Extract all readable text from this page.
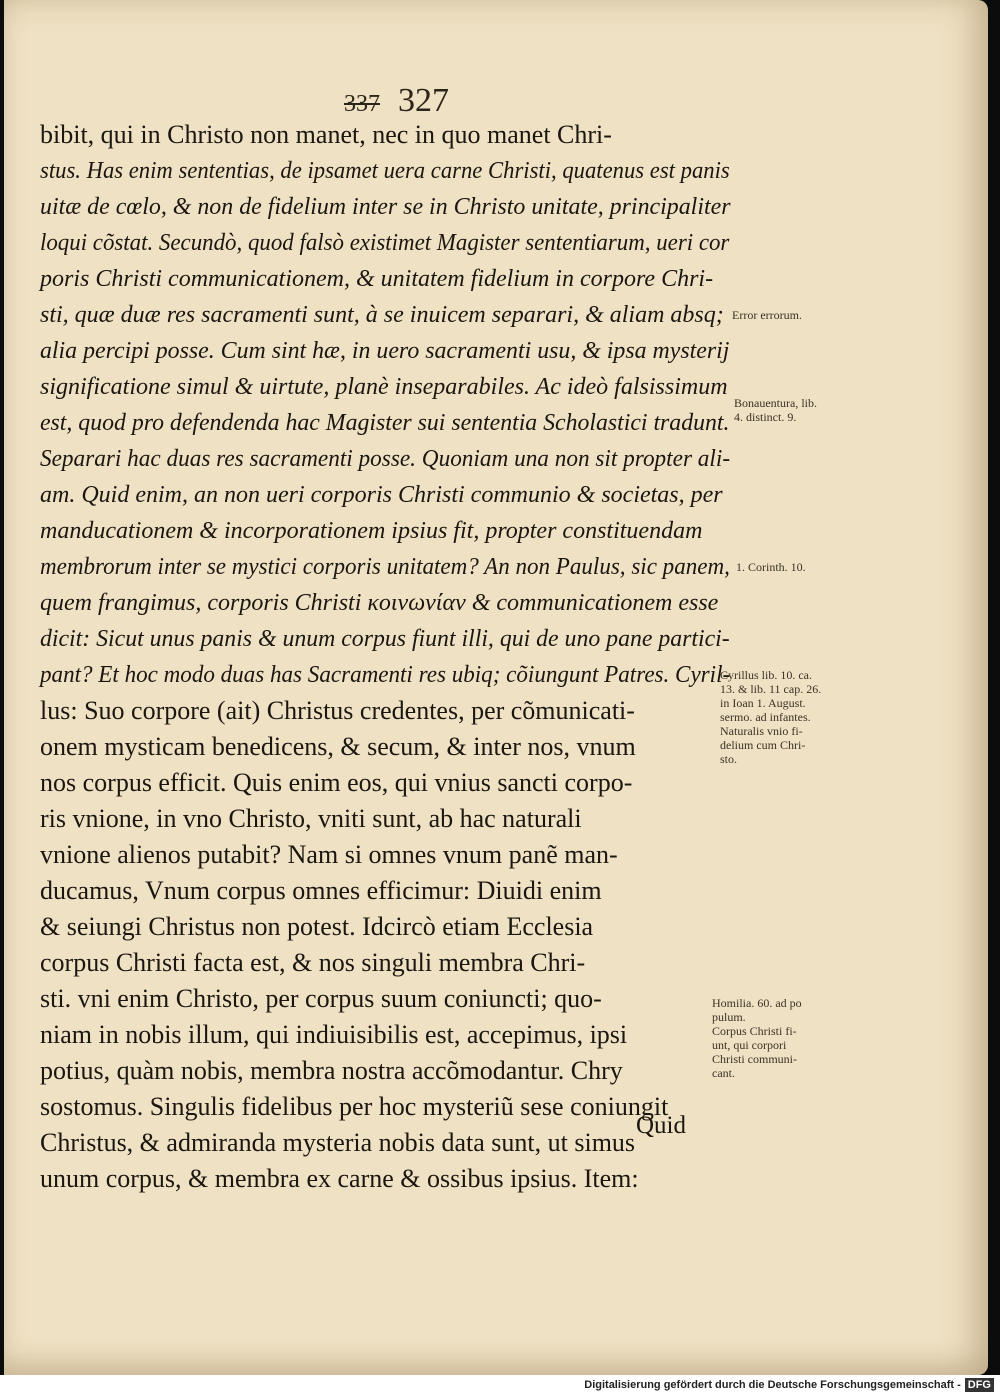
337 327
bibit, qui in Christo non manet, nec in quo manet Chri-
stus. Has enim sententias, de ipsamet uera carne Christi, quatenus est panis
uitæ de cœlo, & non de fidelium inter se in Christo unitate, principaliter
loqui cõstat. Secundò, quod falsò existimet Magister sententiarum, ueri cor
poris Christi communicationem, & unitatem fidelium in corpore Chri-
sti, quæ duæ res sacramenti sunt, à se inuicem separari, & aliam absq;
alia percipi posse. Cum sint hæ, in uero sacramenti usu, & ipsa mysterij
significatione simul & uirtute, planè inseparabiles. Ac ideò falsissimum
est, quod pro defendenda hac Magister sui sententia Scholastici tradunt.
Separari hac duas res sacramenti posse. Quoniam una non sit propter ali-
am. Quid enim, an non ueri corporis Christi communio & societas, per
manducationem & incorporationem ipsius fit, propter constituendam
membrorum inter se mystici corporis unitatem? An non Paulus, sic panem,
quem frangimus, corporis Christi κοινωνίαν & communicationem esse
dicit: Sicut unus panis & unum corpus fiunt illi, qui de uno pane partici-
pant? Et hoc modo duas has Sacramenti res ubiq; cõiungunt Patres. Cyril-
lus: Suo corpore (ait) Christus credentes, per cõmunicati-
onem mysticam benedicens, & secum, & inter nos, vnum
nos corpus efficit. Quis enim eos, qui vnius sancti corpo-
ris vnione, in vno Christo, vniti sunt, ab hac naturali
vnione alienos putabit? Nam si omnes vnum panẽ man-
ducamus, Vnum corpus omnes efficimur: Diuidi enim
& seiungi Christus non potest. Idcircò etiam Ecclesia
corpus Christi facta est, & nos singuli membra Chri-
sti. vni enim Christo, per corpus suum coniuncti; quo-
niam in nobis illum, qui indiuisibilis est, accepimus, ipsi
potius, quàm nobis, membra nostra accõmodantur. Chry
sostomus. Singulis fidelibus per hoc mysteriũ sese coniungit
Christus, & admiranda mysteria nobis data sunt, ut simus
unum corpus, & membra ex carne & ossibus ipsius. Item:
Error errorum.
Bonauentura, lib.
4. distinct. 9.
1. Corinth. 10.
Cyrillus lib. 10. ca.
13. & lib. 11 cap. 26.
in Ioan 1. August.
sermo. ad infantes.
Naturalis vnio fi-
delium cum Chri-
sto.
Homilia. 60. ad po
pulum.
Corpus Christi fi-
unt, qui corpori
Christi communi-
cant.
Quid
Digitalisierung gefördert durch die Deutsche Forschungsgemeinschaft - DFG
